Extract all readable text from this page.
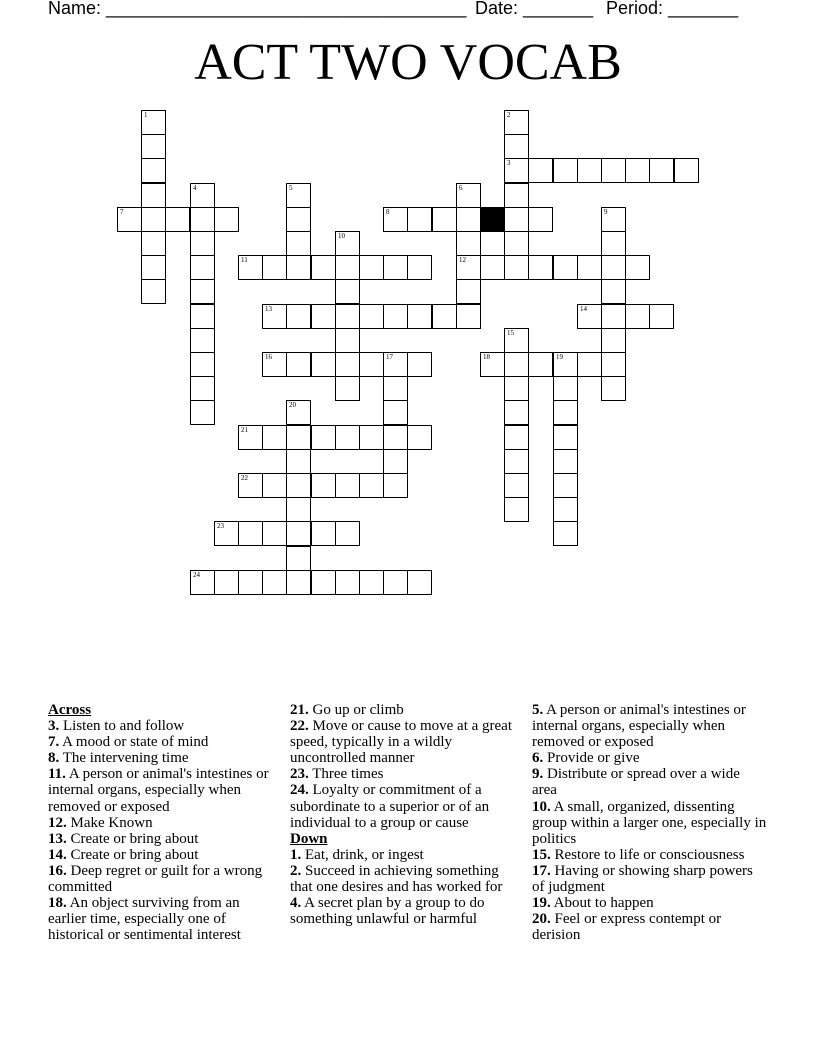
Name: ____________________________________ Date: _______ Period: _______
ACT TWO VOCAB
1	2
3
4	5	6
12
7	8	9
10
11
13	14
15
16	17	18	19
20
21
22
23
24
Across
3. Listen to and follow
7. A mood or state of mind
8. The intervening time
11. A person or animal's intestines or internal organs, especially when removed or exposed
12. Make Known
13. Create or bring about
14. Create or bring about
16. Deep regret or guilt for a wrong committed
18. An object surviving from an earlier time, especially one of historical or sentimental interest
21. Go up or climb
22. Move or cause to move at a great speed, typically in a wildly uncontrolled manner
23. Three times
24. Loyalty or commitment of a subordinate to a superior or of an individual to a group or cause
Down
1. Eat, drink, or ingest
2. Succeed in achieving something that one desires and has worked for
4. A secret plan by a group to do something unlawful or harmful
5. A person or animal's intestines or internal organs, especially when removed or exposed
6. Provide or give
9. Distribute or spread over a wide area
10. A small, organized, dissenting group within a larger one, especially in politics
15. Restore to life or consciousness
17. Having or showing sharp powers of judgment
19. About to happen
20. Feel or express contempt or derision
